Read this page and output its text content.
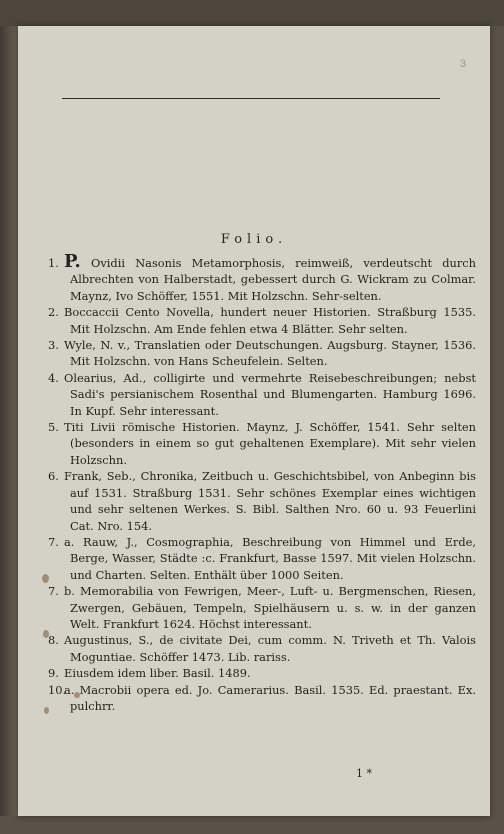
3
Folio.

1. P. Ovidii Nasonis Metamorphosis, reimweiß, verdeutscht durch Albrechten von Halberstadt, gebessert durch G. Wickram zu Colmar. Maynz, Ivo Schöffer, 1551. Mit Holzschn. Sehr-selten.

2. Boccaccii Cento Novella, hundert neuer Historien. Straßburg 1535. Mit Holzschn. Am Ende fehlen etwa 4 Blätter. Sehr selten.

3. Wyle, N. v., Translatien oder Deutschungen. Augsburg. Stayner, 1536. Mit Holzschn. von Hans Scheufelein. Selten.

4. Olearius, Ad., colligirte und vermehrte Reisebeschreibungen; nebst Sadi's persianischem Rosenthal und Blumengarten. Hamburg 1696. In Kupf. Sehr interessant.

5. Titi Livii römische Historien. Maynz, J. Schöffer, 1541. Sehr selten (besonders in einem so gut gehaltenen Exemplare). Mit sehr vielen Holzschn.

6. Frank, Seb., Chronika, Zeitbuch u. Geschichtsbibel, von Anbeginn bis auf 1531. Straßburg 1531. Sehr schönes Exemplar eines wichtigen und sehr seltenen Werkes. S. Bibl. Salthen Nro. 60 u. 93 Feuerlini Cat. Nro. 154.

7. a. Rauw, J., Cosmographia, Beschreibung von Himmel und Erde, Berge, Wasser, Städte :c. Frankfurt, Basse 1597. Mit vielen Holzschn. und Charten. Selten. Enthält über 1000 Seiten.

7. b. Memorabilia von Fewrigen, Meer-, Luft- u. Bergmenschen, Riesen, Zwergen, Gebäuen, Tempeln, Spielhäusern u. s. w. in der ganzen Welt. Frankfurt 1624. Höchst interessant.

8. Augustinus, S., de civitate Dei, cum comm. N. Triveth et Th. Valois Moguntiae. Schöffer 1473. Lib. rariss.

9. Eiusdem idem liber. Basil. 1489.

10.a. Macrobii opera ed. Jo. Camerarius. Basil. 1535. Ed. praestant. Ex. pulchrr.

1 *
